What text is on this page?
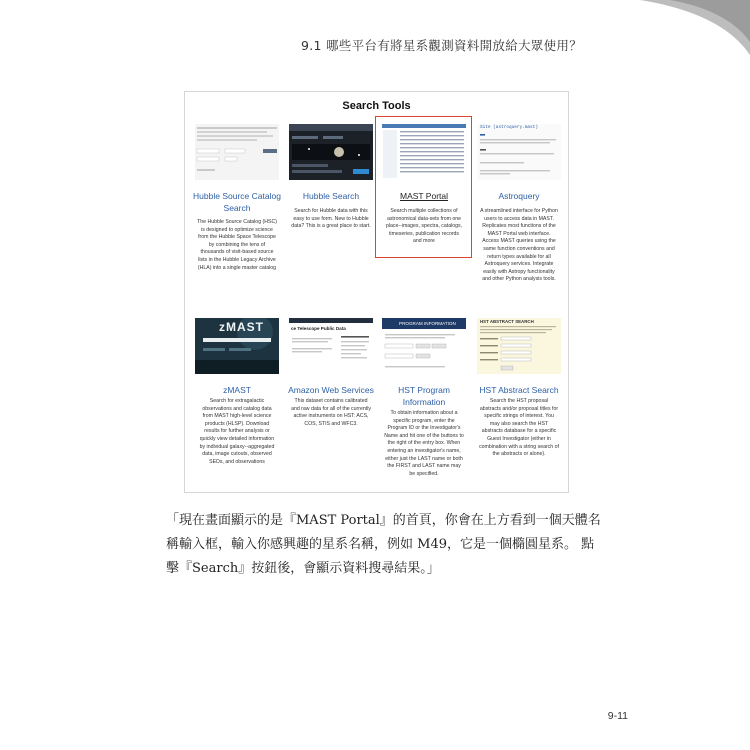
9.1 哪些平台有將星系觀測資料開放給大眾使用？
Search Tools
Hubble Source Catalog Search
The Hubble Source Catalog (HSC) is designed to optimize science from the Hubble Space Telescope by combining the tens of thousands of visit-based source lists in the Hubble Legacy Archive (HLA) into a single master catalog
Hubble Search
Search for Hubble data with this easy to use form. New to Hubble data? This is a great place to start.
MAST Portal
Search multiple collections of astronomical data-sets from one place--images, spectra, catalogs, timeseries, publication records and more
Site (astroquery.mast)
Astroquery
A streamlined interface for Python users to access data in MAST. Replicates most functions of the MAST Portal web interface. Access MAST queries using the same function conventions and return types available for all Astroquery services. Integrate easily with Astropy functionality and other Python analysis tools.
zMAST
zMAST
Search for extragalactic observations and catalog data from MAST high-level science products (HLSP). Download results for further analysis or quickly view detailed information by individual galaxy--aggregated data, image cutouts, observed SEDs, and observations
ce Telescope Public Data
Amazon Web Services
This dataset contains calibrated and raw data for all of the currently active instruments on HST: ACS, COS, STIS and WFC3.
PROGRAM INFORMATION
HST Program Information
To obtain information about a specific program, enter the Program ID or the Investigator's Name and hit one of the buttons to the right of the entry box. When entering an investigator's name, either just the LAST name or both the FIRST and LAST name may be specified.
HST ABSTRACT SEARCH
HST Abstract Search
Search the HST proposal abstracts and/or proposal titles for specific strings of interest. You may also search the HST abstracts database for a specific Guest Investigator (either in combination with a string search of the abstracts or alone).

「現在畫面顯示的是『MAST Portal』的首頁，你會在上方看到一個天體名

稱輸入框，輸入你感興趣的星系名稱，例如 M49，它是一個橢圓星系。 點

擊『Search』按鈕後，會顯示資料搜尋結果。」

9-11
